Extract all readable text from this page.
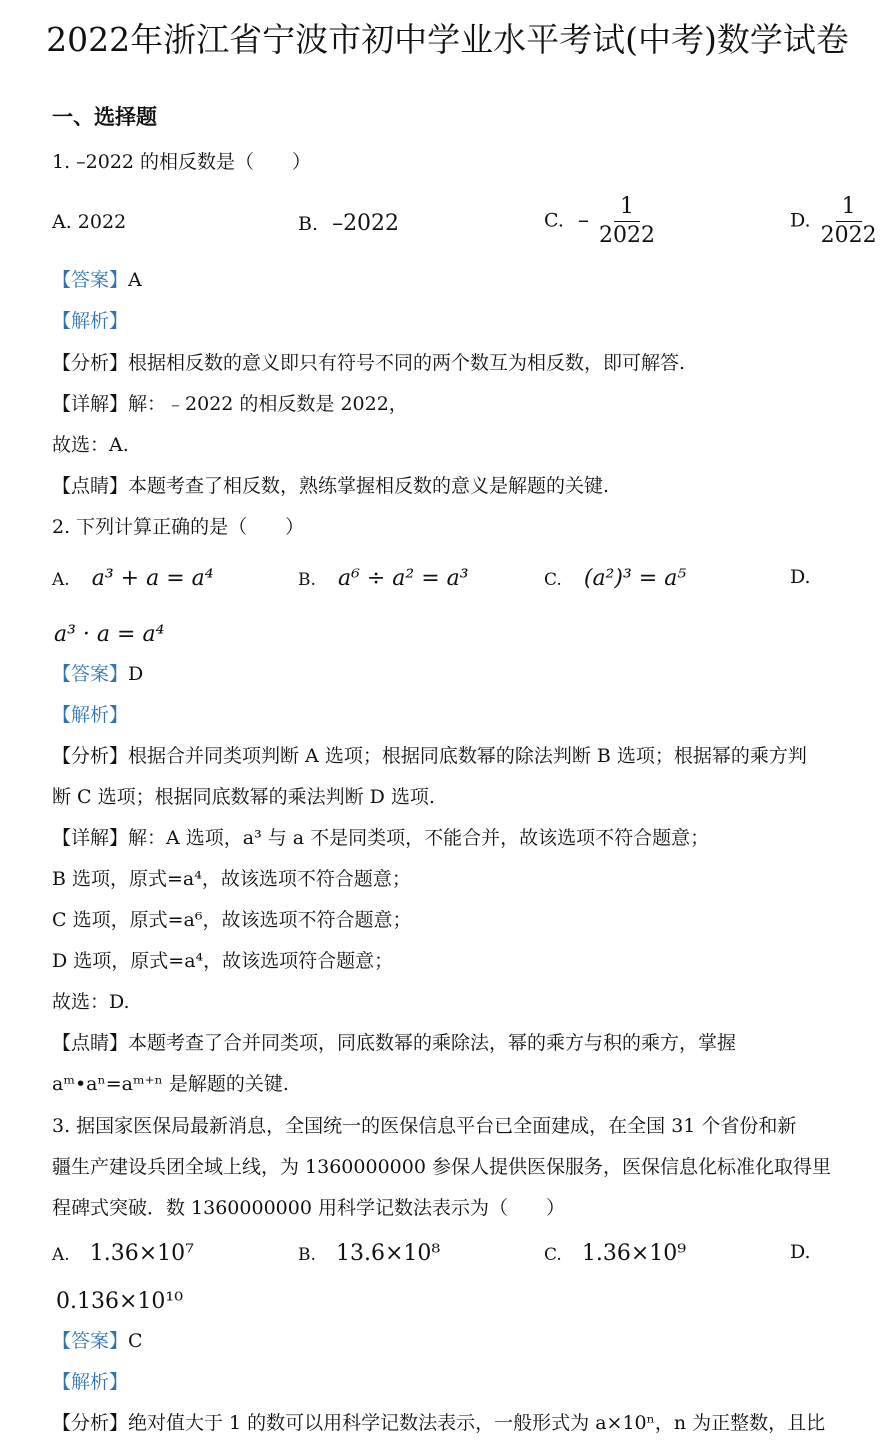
2022年浙江省宁波市初中学业水平考试(中考)数学试卷
一、选择题
1. –2022 的相反数是（　　）
A. 2022	B. –2022	C. – $\frac{1}{2022}$	D. $\frac{1}{2022}$
【答案】A
【解析】
【分析】根据相反数的意义即只有符号不同的两个数互为相反数，即可解答.
【详解】解：﹣2022 的相反数是 2022，
故选：A.
【点睛】本题考查了相反数，熟练掌握相反数的意义是解题的关键.
2. 下列计算正确的是（　　）
A. a³ + a = a⁴	B. a⁶ ÷ a² = a³	C. (a²)³ = a⁵	D.
a³ · a = a⁴
【答案】D
【解析】
【分析】根据合并同类项判断 A 选项；根据同底数幂的除法判断 B 选项；根据幂的乘方判
断 C 选项；根据同底数幂的乘法判断 D 选项.
【详解】解：A 选项，a³ 与 a 不是同类项，不能合并，故该选项不符合题意；
B 选项，原式=a⁴，故该选项不符合题意；
C 选项，原式=a⁶，故该选项不符合题意；
D 选项，原式=a⁴，故该选项符合题意；
故选：D.
【点睛】本题考查了合并同类项，同底数幂的乘除法，幂的乘方与积的乘方，掌握
aᵐ•aⁿ=aᵐ⁺ⁿ 是解题的关键.
3. 据国家医保局最新消息，全国统一的医保信息平台已全面建成，在全国 31 个省份和新
疆生产建设兵团全域上线，为 1360000000 参保人提供医保服务，医保信息化标准化取得里
程碑式突破．数 1360000000 用科学记数法表示为（　　）
A. 1.36×10⁷	B. 13.6×10⁸	C. 1.36×10⁹	D.
0.136×10¹⁰
【答案】C
【解析】
【分析】绝对值大于 1 的数可以用科学记数法表示，一般形式为 a×10ⁿ，n 为正整数，且比
